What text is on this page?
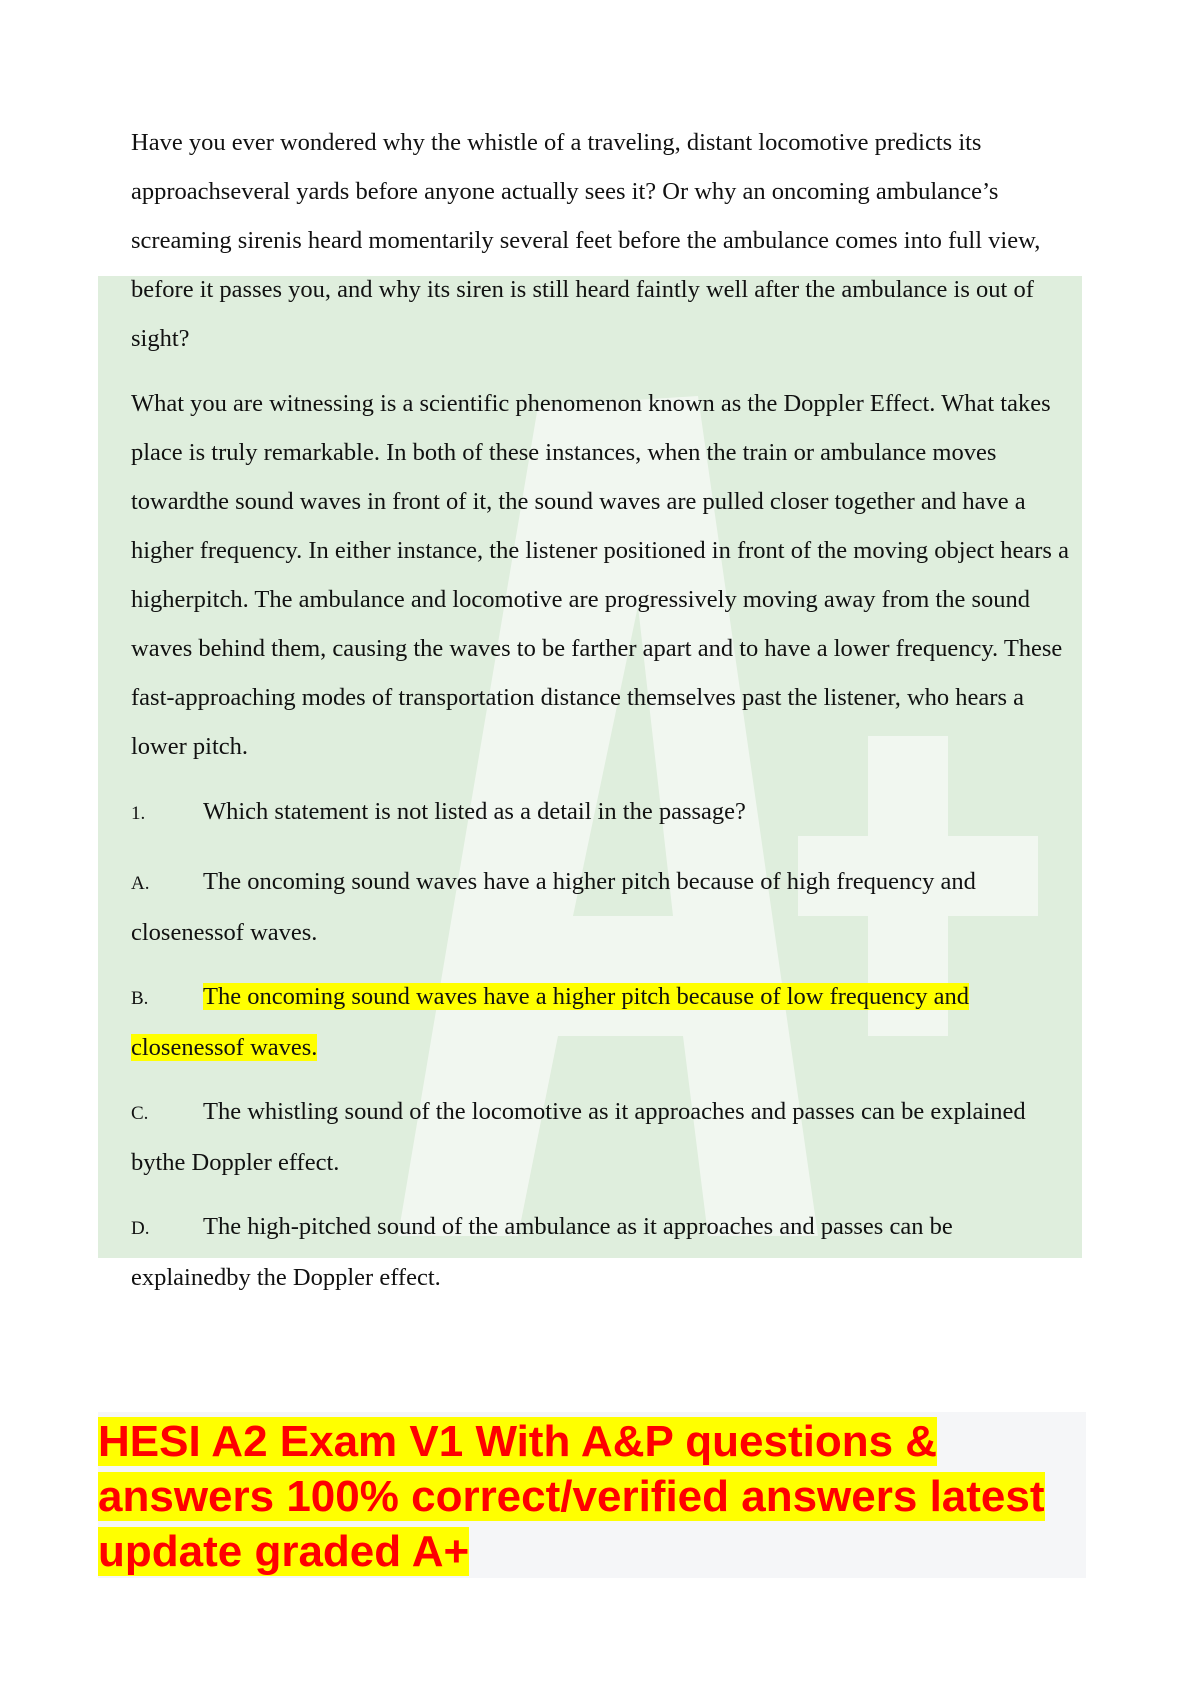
Have you ever wondered why the whistle of a traveling, distant locomotive predicts its approachseveral yards before anyone actually sees it? Or why an oncoming ambulance’s screaming sirenis heard momentarily several feet before the ambulance comes into full view, before it passes you, and why its siren is still heard faintly well after the ambulance is out of sight?

What you are witnessing is a scientific phenomenon known as the Doppler Effect. What takes place is truly remarkable. In both of these instances, when the train or ambulance moves towardthe sound waves in front of it, the sound waves are pulled closer together and have a higher frequency. In either instance, the listener positioned in front of the moving object hears a higherpitch. The ambulance and locomotive are progressively moving away from the sound waves behind them, causing the waves to be farther apart and to have a lower frequency. These fast-approaching modes of transportation distance themselves past the listener, who hears a lower pitch.

1. Which statement is not listed as a detail in the passage?
A. The oncoming sound waves have a higher pitch because of high frequency and closenessof waves.
B. The oncoming sound waves have a higher pitch because of low frequency and closenessof waves.
C. The whistling sound of the locomotive as it approaches and passes can be explained bythe Doppler effect.
D. The high-pitched sound of the ambulance as it approaches and passes can be explainedby the Doppler effect.
HESI A2 Exam V1 With A&P questions & answers 100% correct/verified answers latest update graded A+
